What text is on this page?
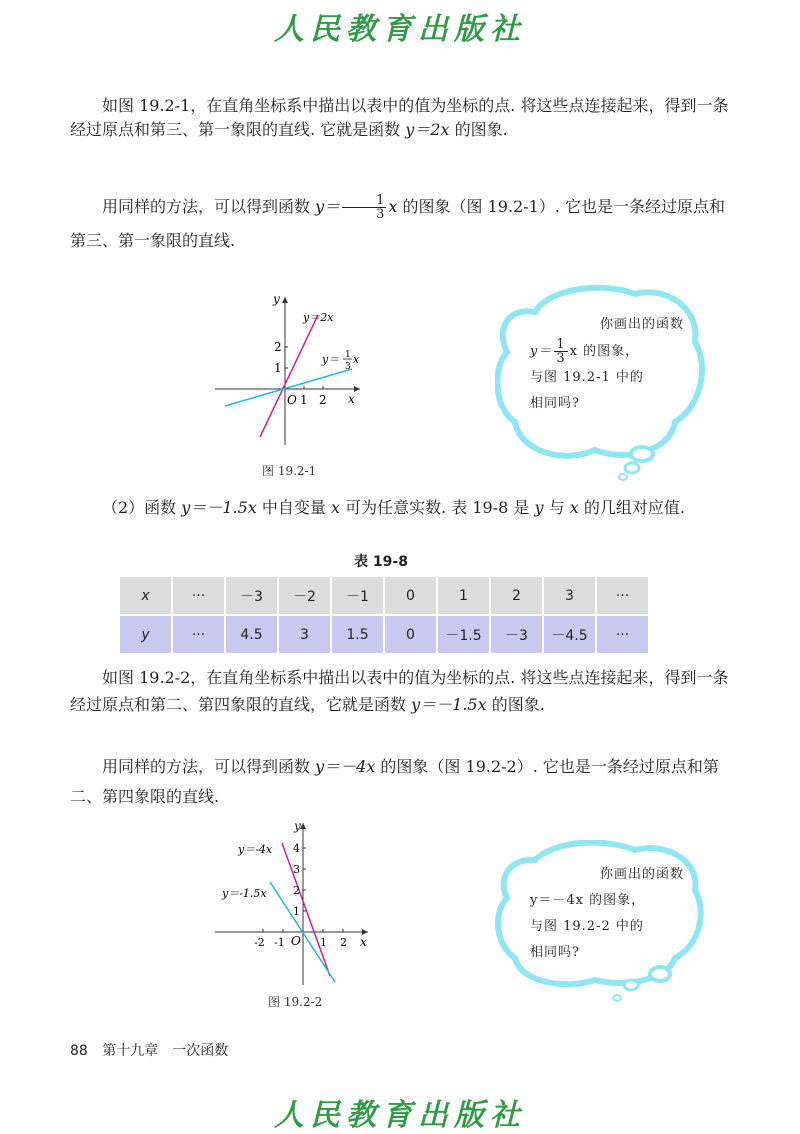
人民教育出版社
如图 19.2-1，在直角坐标系中描出以表中的值为坐标的点. 将这些点连接起来，得到一条经过原点和第三、第一象限的直线. 它就是函数 y＝2x 的图象.
用同样的方法，可以得到函数 $y= \frac{1}{3}$ x 的图象（图 19.2-1）. 它也是一条经过原点和第三、第一象限的直线.
O 1 2 x
1
2
y
y＝2x
y＝ 1
3
x
图 19.2-1
你画出的函数
$y= \frac{1}{3}$ x 的图象，
与图 19.2-1 中的
相同吗?
（2）函数 y＝－1.5x 中自变量 x 可为任意实数. 表 19-8 是 y 与 x 的几组对应值.
表 19-8
x	···	－3	－2	－1	0	1	2	3	···
y	···	4.5	3	1.5	0	－1.5	－3	－4.5	···
如图 19.2-2，在直角坐标系中描出以表中的值为坐标的点. 将这些点连接起来，得到一条经过原点和第二、第四象限的直线，它就是函数 y＝－1.5x 的图象.
用同样的方法，可以得到函数 y＝－4x 的图象（图 19.2-2）. 它也是一条经过原点和第二、第四象限的直线.
O
-2 -1	1 2 x
1
2
3
4
y
y＝-4x
y＝-1.5x
图 19.2-2
你画出的函数
y＝－4x 的图象，
与图 19.2-2 中的
相同吗?
88 第十九章　一次函数
人民教育出版社
